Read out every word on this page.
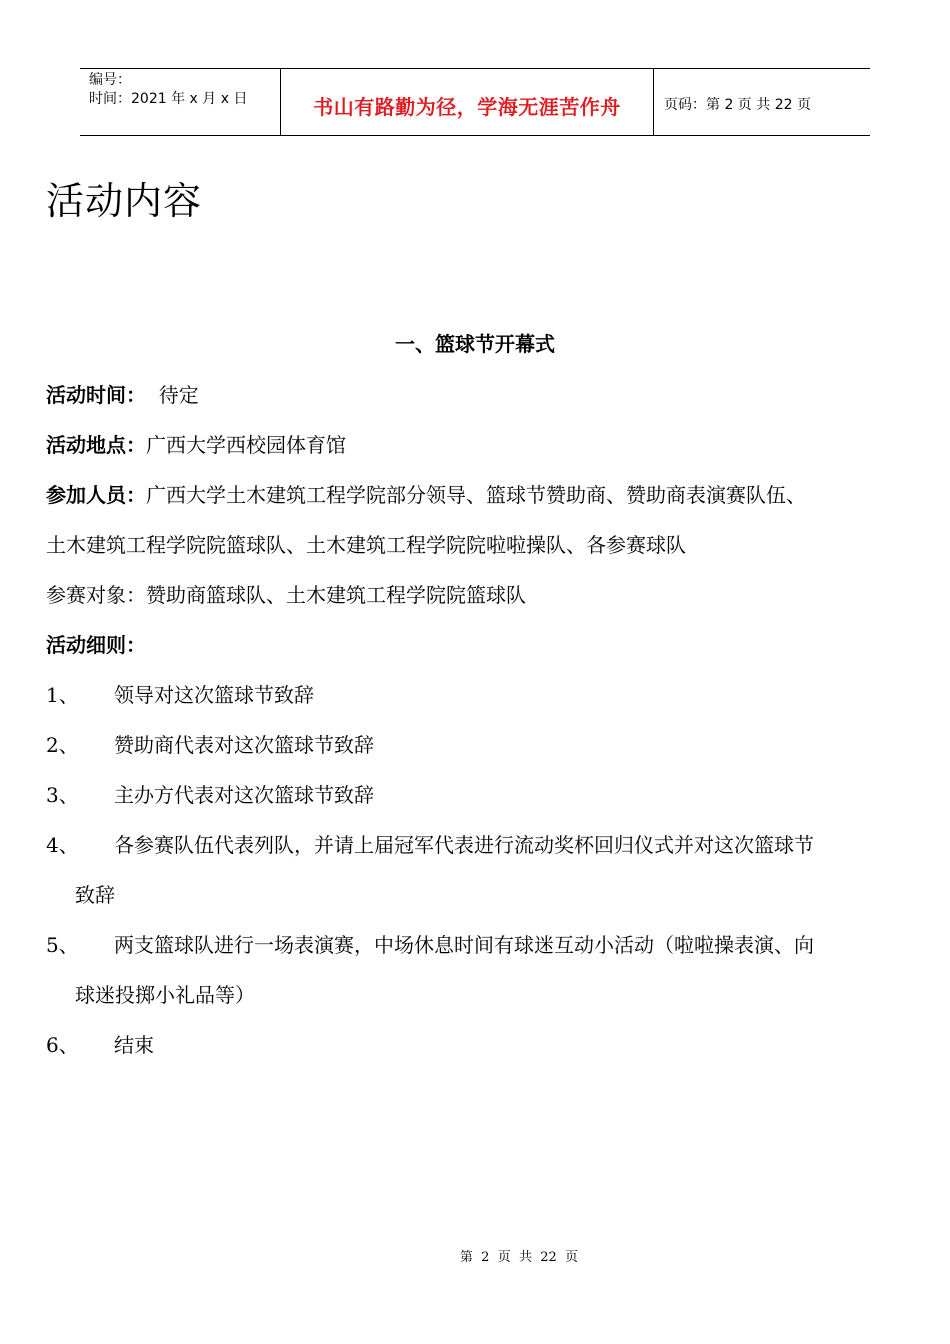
编号：
时间：2021 年 x 月 x 日	书山有路勤为径，学海无涯苦作舟	页码：第 2 页 共 22 页
活动内容
一、篮球节开幕式
活动时间：  待定
活动地点：广西大学西校园体育馆
参加人员：广西大学土木建筑工程学院部分领导、篮球节赞助商、赞助商表演赛队伍、
土木建筑工程学院院篮球队、土木建筑工程学院院啦啦操队、各参赛球队
参赛对象：赞助商篮球队、土木建筑工程学院院篮球队
活动细则：
1、 领导对这次篮球节致辞
2、 赞助商代表对这次篮球节致辞
3、 主办方代表对这次篮球节致辞
4、 各参赛队伍代表列队，并请上届冠军代表进行流动奖杯回归仪式并对这次篮球节
致辞
5、 两支篮球队进行一场表演赛，中场休息时间有球迷互动小活动（啦啦操表演、向
球迷投掷小礼品等）
6、 结束
第  2  页  共  22  页
